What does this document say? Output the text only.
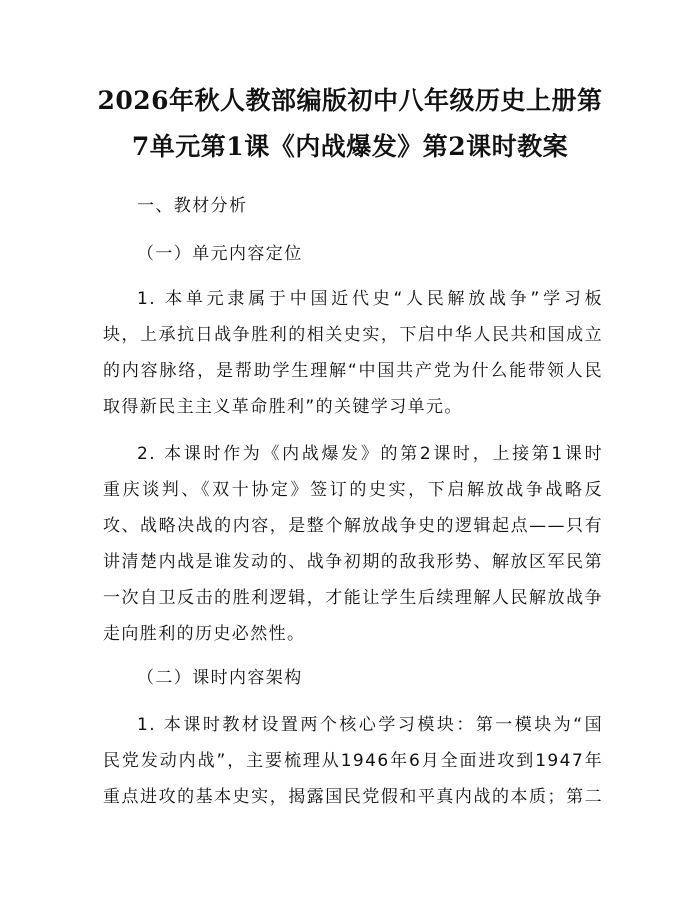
2026年秋人教部编版初中八年级历史上册第
7单元第1课《内战爆发》第2课时教案

一、教材分析

（一）单元内容定位

1. 本单元隶属于中国近代史“人民解放战争”学习板
块，上承抗日战争胜利的相关史实，下启中华人民共和国成立
的内容脉络，是帮助学生理解“中国共产党为什么能带领人民
取得新民主主义革命胜利”的关键学习单元。
2. 本课时作为《内战爆发》的第2课时，上接第1课时
重庆谈判、《双十协定》签订的史实，下启解放战争战略反
攻、战略决战的内容，是整个解放战争史的逻辑起点——只有
讲清楚内战是谁发动的、战争初期的敌我形势、解放区军民第
一次自卫反击的胜利逻辑，才能让学生后续理解人民解放战争
走向胜利的历史必然性。

（二）课时内容架构

1. 本课时教材设置两个核心学习模块：第一模块为“国
民党发动内战”，主要梳理从1946年6月全面进攻到1947年
重点进攻的基本史实，揭露国民党假和平真内战的本质；第二
